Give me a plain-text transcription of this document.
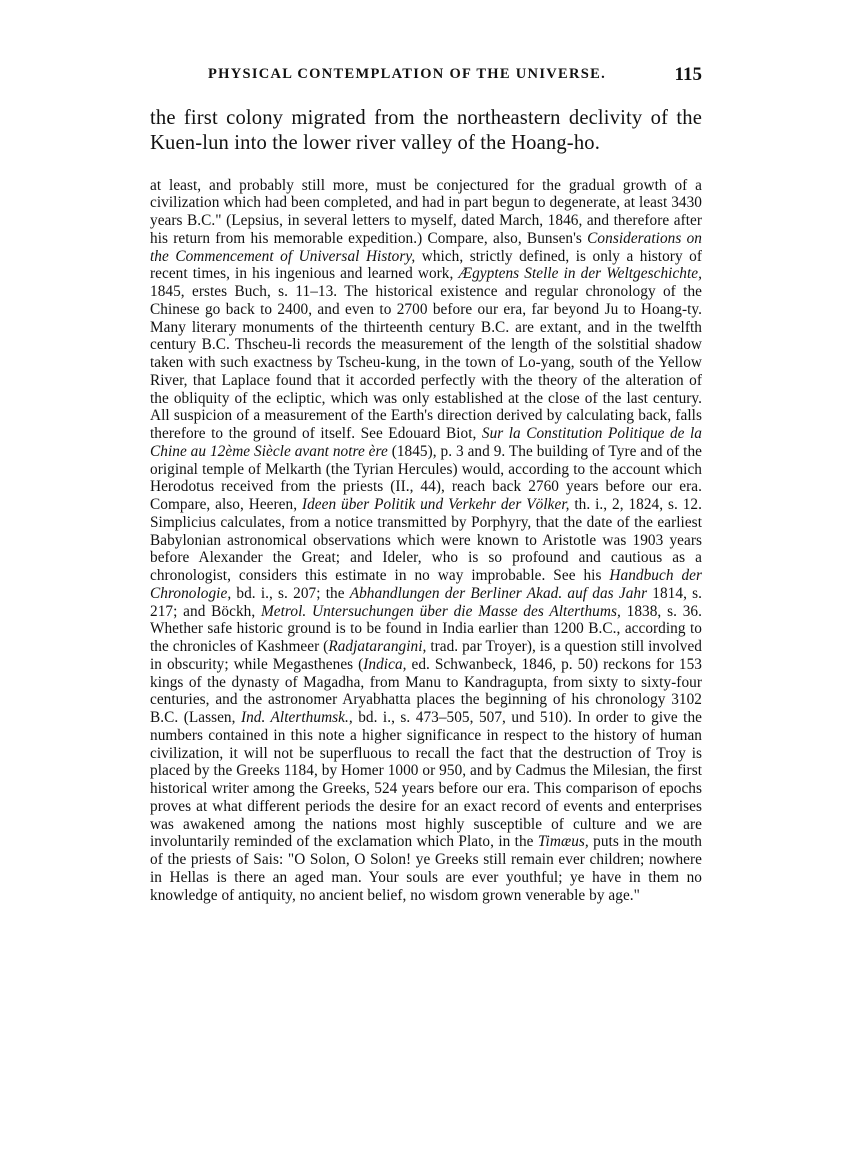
PHYSICAL CONTEMPLATION OF THE UNIVERSE.	115

the first colony migrated from the northeastern declivity of the Kuen-lun into the lower river valley of the Hoang-ho.

at least, and probably still more, must be conjectured for the gradual growth of a civilization which had been completed, and had in part begun to degenerate, at least 3430 years B.C." (Lepsius, in several letters to myself, dated March, 1846, and therefore after his return from his memorable expedition.) Compare, also, Bunsen's Considerations on the Commencement of Universal History, which, strictly defined, is only a history of recent times, in his ingenious and learned work, Ægyptens Stelle in der Weltgeschichte, 1845, erstes Buch, s. 11–13. The historical existence and regular chronology of the Chinese go back to 2400, and even to 2700 before our era, far beyond Ju to Hoang-ty. Many literary monuments of the thirteenth century B.C. are extant, and in the twelfth century B.C. Thscheu-li records the measurement of the length of the solstitial shadow taken with such exactness by Tscheu-kung, in the town of Lo-yang, south of the Yellow River, that Laplace found that it accorded perfectly with the theory of the alteration of the obliquity of the ecliptic, which was only established at the close of the last century. All suspicion of a measurement of the Earth's direction derived by calculating back, falls therefore to the ground of itself. See Edouard Biot, Sur la Constitution Politique de la Chine au 12ème Siècle avant notre ère (1845), p. 3 and 9. The building of Tyre and of the original temple of Melkarth (the Tyrian Hercules) would, according to the account which Herodotus received from the priests (II., 44), reach back 2760 years before our era. Compare, also, Heeren, Ideen über Politik und Verkehr der Völker, th. i., 2, 1824, s. 12. Simplicius calculates, from a notice transmitted by Porphyry, that the date of the earliest Babylonian astronomical observations which were known to Aristotle was 1903 years before Alexander the Great; and Ideler, who is so profound and cautious as a chronologist, considers this estimate in no way improbable. See his Handbuch der Chronologie, bd. i., s. 207; the Abhandlungen der Berliner Akad. auf das Jahr 1814, s. 217; and Böckh, Metrol. Untersuchungen über die Masse des Alterthums, 1838, s. 36. Whether safe historic ground is to be found in India earlier than 1200 B.C., according to the chronicles of Kashmeer (Radjatarangini, trad. par Troyer), is a question still involved in obscurity; while Megasthenes (Indica, ed. Schwanbeck, 1846, p. 50) reckons for 153 kings of the dynasty of Magadha, from Manu to Kandragupta, from sixty to sixty-four centuries, and the astronomer Aryabhatta places the beginning of his chronology 3102 B.C. (Lassen, Ind. Alterthumsk., bd. i., s. 473–505, 507, und 510). In order to give the numbers contained in this note a higher significance in respect to the history of human civilization, it will not be superfluous to recall the fact that the destruction of Troy is placed by the Greeks 1184, by Homer 1000 or 950, and by Cadmus the Milesian, the first historical writer among the Greeks, 524 years before our era. This comparison of epochs proves at what different periods the desire for an exact record of events and enterprises was awakened among the nations most highly susceptible of culture and we are involuntarily reminded of the exclamation which Plato, in the Timæus, puts in the mouth of the priests of Sais: "O Solon, O Solon! ye Greeks still remain ever children; nowhere in Hellas is there an aged man. Your souls are ever youthful; ye have in them no knowledge of antiquity, no ancient belief, no wisdom grown venerable by age."
